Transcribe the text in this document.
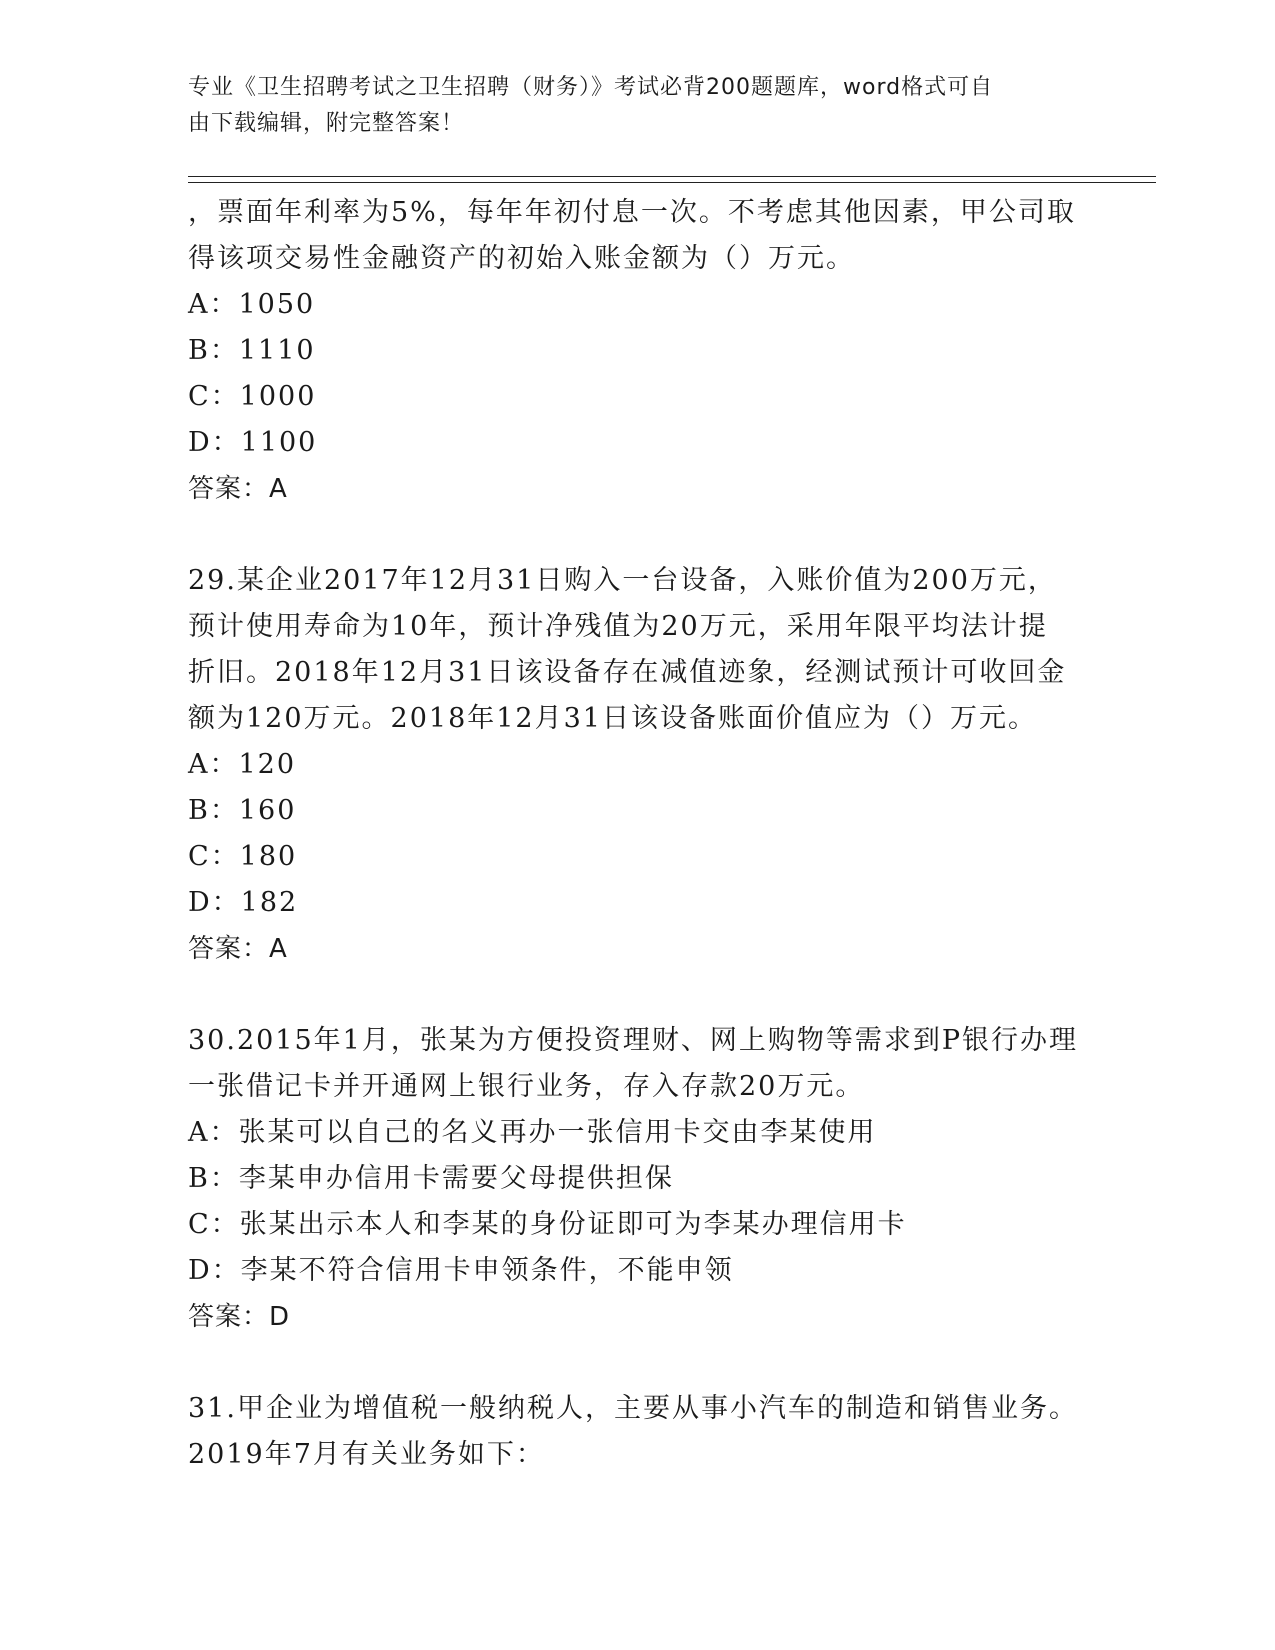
专业《卫生招聘考试之卫生招聘（财务）》考试必背200题题库，word格式可自
由下载编辑，附完整答案！
，票面年利率为5%，每年年初付息一次。不考虑其他因素，甲公司取
得该项交易性金融资产的初始入账金额为（）万元。
A：1050
B：1110
C：1000
D：1100
答案：A
29.某企业2017年12月31日购入一台设备，入账价值为200万元，
预计使用寿命为10年，预计净残值为20万元，采用年限平均法计提
折旧。2018年12月31日该设备存在减值迹象，经测试预计可收回金
额为120万元。2018年12月31日该设备账面价值应为（）万元。
A：120
B：160
C：180
D：182
答案：A
30.2015年1月，张某为方便投资理财、网上购物等需求到P银行办理
一张借记卡并开通网上银行业务，存入存款20万元。
A：张某可以自己的名义再办一张信用卡交由李某使用
B：李某申办信用卡需要父母提供担保
C：张某出示本人和李某的身份证即可为李某办理信用卡
D：李某不符合信用卡申领条件，不能申领
答案：D
31.甲企业为增值税一般纳税人，主要从事小汽车的制造和销售业务。
2019年7月有关业务如下：
